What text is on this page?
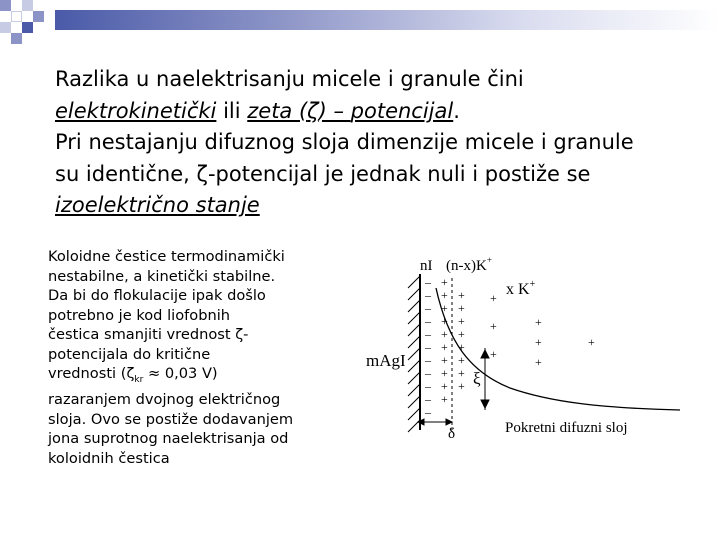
Razlika u naelektrisanju micele i granule čini

elektrokinetički ili zeta (ζ) – potencijal.

Pri nestajanju difuznog sloja dimenzije micele i granule

su identične, ζ-potencijal je jednak nuli i postiže se

izoelektrično stanje

Koloidne čestice termodinamički

nestabilne, a kinetički stabilne.

Da bi do flokulacije ipak došlo

potrebno je kod liofobnih

čestica smanjiti vrednost ζ-

potencijala do kritične

vrednosti ($\zeta_{kr} \approx 0,03$ V)

razaranjem dvojnog električnog

sloja. Ovo se postiže dodavanjem

jona suprotnog naelektrisanja od

koloidnih čestica

–
–
–
–
–
–
–
–
–
–
–
+
+
+
+
+
+
+
+
+
+
+
+
+
+
+
+
+
+
+
+
+
+
+
+
+
ξ
δ
nI (n-x)K+
x K+
mAgI
Pokretni difuzni sloj
